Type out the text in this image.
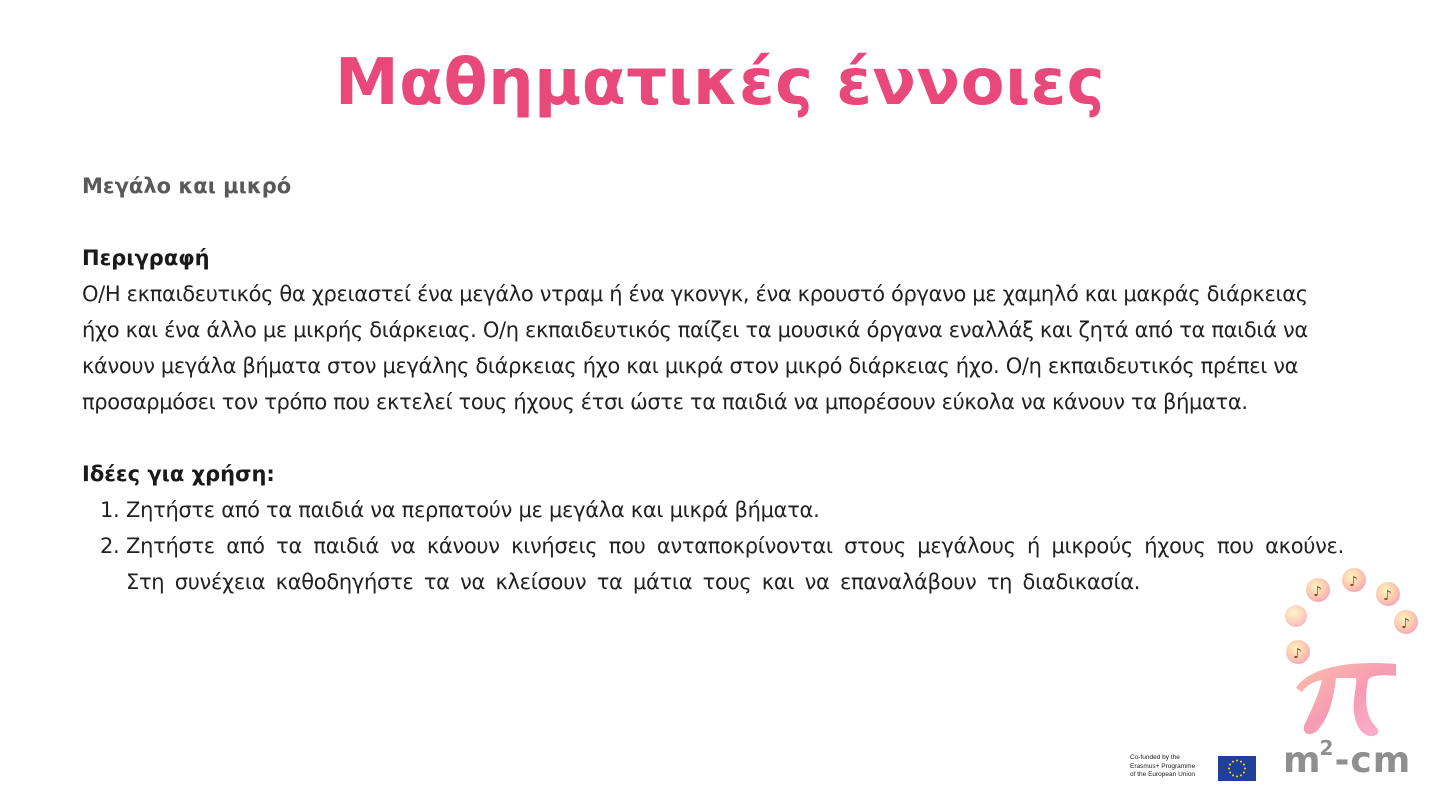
Μαθηματικές έννοιες

Μεγάλο και μικρό

Περιγραφή

Ο/Η εκπαιδευτικός θα χρειαστεί ένα μεγάλο ντραμ ή ένα γκονγκ, ένα κρουστό όργανο με χαμηλό και μακράς διάρκειας ήχο και ένα άλλο με μικρής διάρκειας. Ο/η εκπαιδευτικός παίζει τα μουσικά όργανα εναλλάξ και ζητά από τα παιδιά να κάνουν μεγάλα βήματα στον μεγάλης διάρκειας ήχο και μικρά στον μικρό διάρκειας ήχο. Ο/η εκπαιδευτικός πρέπει να προσαρμόσει τον τρόπο που εκτελεί τους ήχους έτσι ώστε τα παιδιά να μπορέσουν εύκολα να κάνουν τα βήματα.

Ιδέες για χρήση:

1. Ζητήστε από τα παιδιά να περπατούν με μεγάλα και μικρά βήματα.
2. Ζητήστε από τα παιδιά να κάνουν κινήσεις που ανταποκρίνονται στους μεγάλους ή μικρούς ήχους που ακούνε. Στη συνέχεια καθοδηγήστε τα να κλείσουν τα μάτια τους και να επαναλάβουν τη διαδικασία.
♪
♪
♪
♪
♪
Co-funded by the
Erasmus+ Programme
of the European Union	$m^2-cm$
